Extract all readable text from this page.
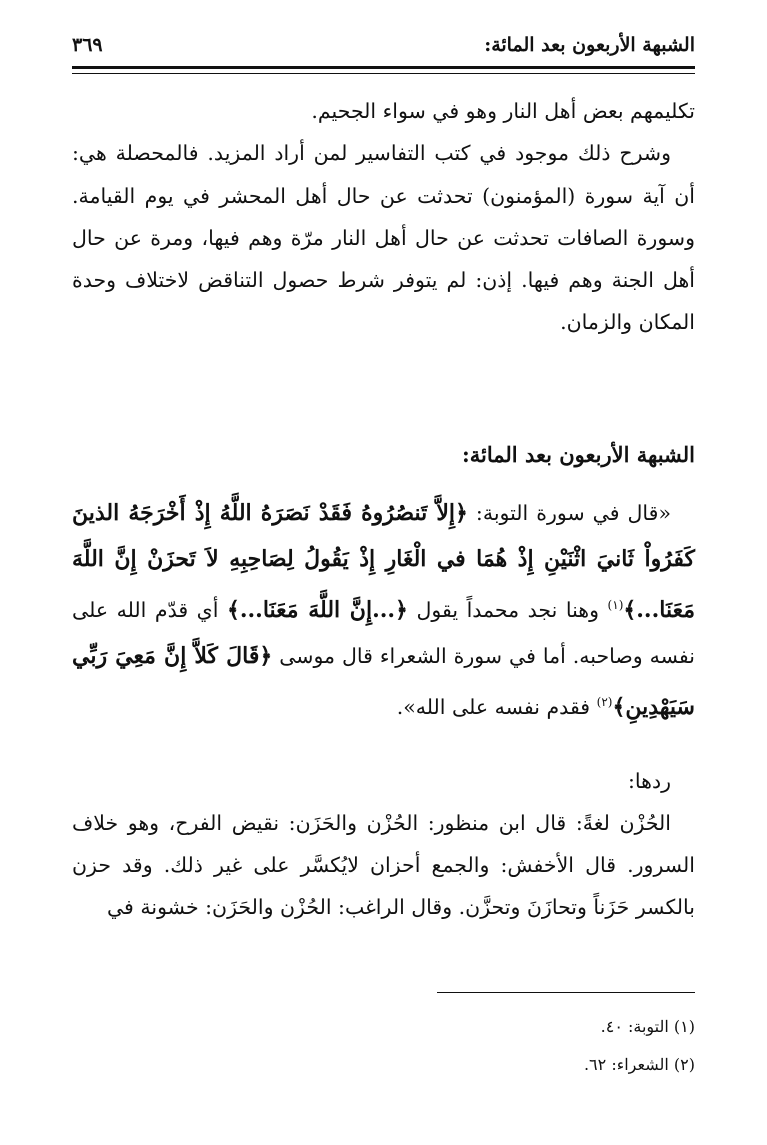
الشبهة الأربعون بعد المائة:
٣٦٩

تكليمهم بعض أهل النار وهو في سواء الجحيم.

وشرح ذلك موجود في كتب التفاسير لمن أراد المزيد. فالمحصلة هي: أن آية سورة (المؤمنون) تحدثت عن حال أهل المحشر في يوم القيامة. وسورة الصافات تحدثت عن حال أهل النار مرّة وهم فيها، ومرة عن حال أهل الجنة وهم فيها. إذن: لم يتوفر شرط حصول التناقض لاختلاف وحدة المكان والزمان.

الشبهة الأربعون بعد المائة:

«قال في سورة التوبة: ﴿إِلاَّ تَنصُرُوهُ فَقَدْ نَصَرَهُ اللَّهُ إِذْ أَخْرَجَهُ الذينَ كَفَرُواْ ثَانيَ اثْنَيْنِ إِذْ هُمَا في الْغَارِ إِذْ يَقُولُ لِصَاحِبِهِ لاَ تَحزَنْ إِنَّ اللَّهَ مَعَنَا...﴾$^{(١)}$ وهنا نجد محمداً يقول ﴿...إِنَّ اللَّهَ مَعَنَا...﴾ أي قدّم الله على نفسه وصاحبه. أما في سورة الشعراء قال موسى ﴿قَالَ كَلاَّ إِنَّ مَعِيَ رَبِّي سَيَهْدِينِ﴾$^{(٢)}$ فقدم نفسه على الله».

ردها:

الحُزْن لغةً: قال ابن منظور: الحُزْن والحَزَن: نقيض الفرح، وهو خلاف السرور. قال الأخفش: والجمع أحزان لايُكسَّر على غير ذلك. وقد حزن بالكسر حَزَناً وتحازَنَ وتحزَّن. وقال الراغب: الحُزْن والحَزَن: خشونة في

(١) التوبة: ٤٠.

(٢) الشعراء: ٦٢.
